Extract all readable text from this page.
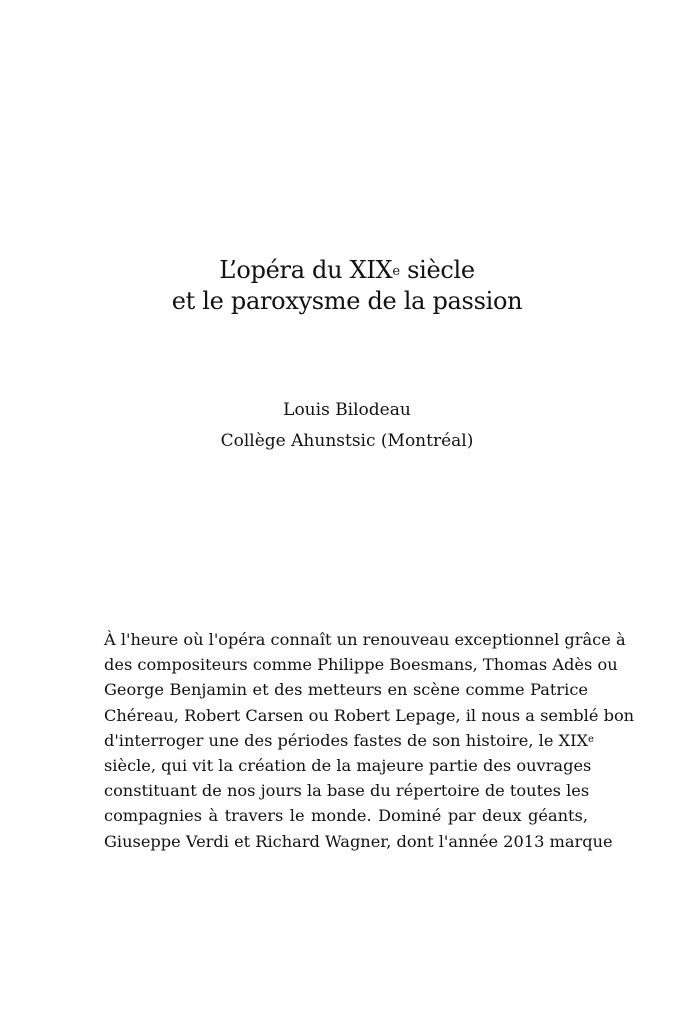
L’opéra du XIXe siècle
et le paroxysme de la passion
Louis Bilodeau
Collège Ahunstsic (Montréal)
À l'heure où l'opéra connaît un renouveau exceptionnel grâce à
des compositeurs comme Philippe Boesmans, Thomas Adès ou
George Benjamin et des metteurs en scène comme Patrice
Chéreau, Robert Carsen ou Robert Lepage, il nous a semblé bon
d'interroger une des périodes fastes de son histoire, le XIXe
siècle, qui vit la création de la majeure partie des ouvrages
constituant de nos jours la base du répertoire de toutes les
compagnies à travers le monde. Dominé par deux géants,
Giuseppe Verdi et Richard Wagner, dont l'année 2013 marque
